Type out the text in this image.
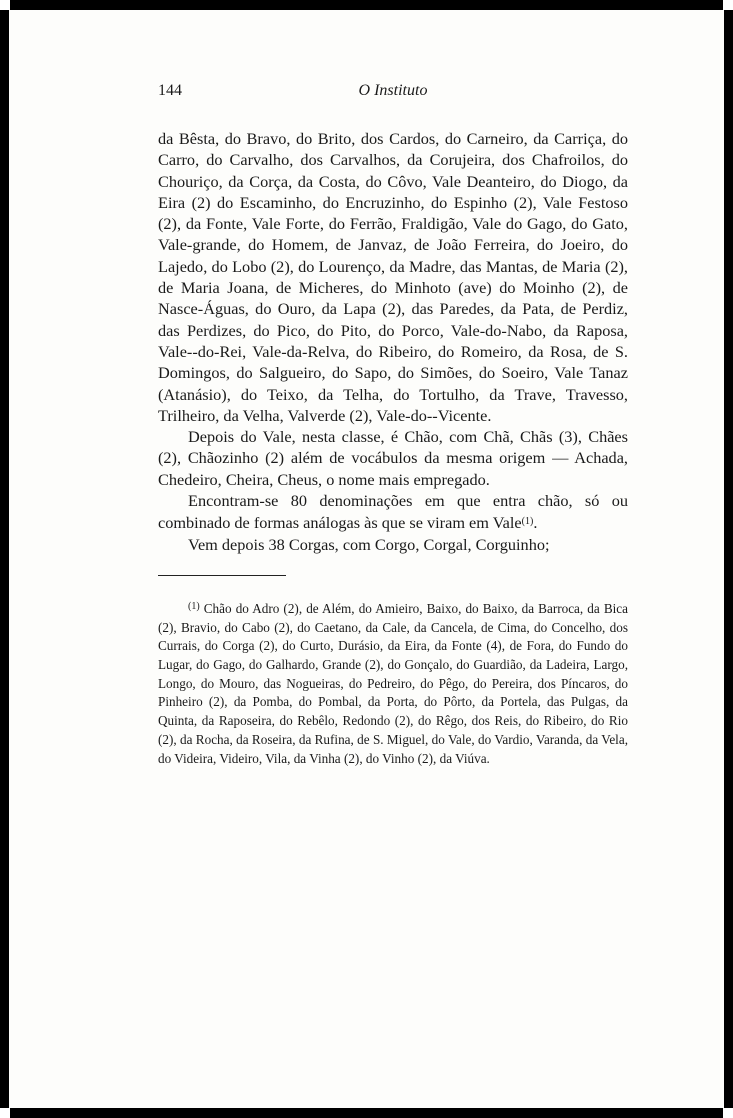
144	O Instituto

da Bêsta, do Bravo, do Brito, dos Cardos, do Carneiro, da Carriça, do Carro, do Carvalho, dos Carvalhos, da Corujeira, dos Chafroilos, do Chouriço, da Corça, da Costa, do Côvo, Vale Deanteiro, do Diogo, da Eira (2) do Escaminho, do Encruzinho, do Espinho (2), Vale Festoso (2), da Fonte, Vale Forte, do Ferrão, Fraldigão, Vale do Gago, do Gato, Vale-grande, do Homem, de Janvaz, de João Ferreira, do Joeiro, do Lajedo, do Lobo (2), do Lourenço, da Madre, das Mantas, de Maria (2), de Maria Joana, de Micheres, do Minhoto (ave) do Moinho (2), de Nasce-Águas, do Ouro, da Lapa (2), das Paredes, da Pata, de Perdiz, das Perdizes, do Pico, do Pito, do Porco, Vale-do-Nabo, da Raposa, Vale--do-Rei, Vale-da-Relva, do Ribeiro, do Romeiro, da Rosa, de S. Domingos, do Salgueiro, do Sapo, do Simões, do Soeiro, Vale Tanaz (Atanásio), do Teixo, da Telha, do Tortulho, da Trave, Travesso, Trilheiro, da Velha, Valverde (2), Vale-do--Vicente.

Depois do Vale, nesta classe, é Chão, com Chã, Chãs (3), Chães (2), Chãozinho (2) além de vocábulos da mesma origem — Achada, Chedeiro, Cheira, Cheus, o nome mais empregado.

Encontram-se 80 denominações em que entra chão, só ou combinado de formas análogas às que se viram em Vale$^{(1)}$.

Vem depois 38 Corgas, com Corgo, Corgal, Corguinho;

$^{(1)}$ Chão do Adro (2), de Além, do Amieiro, Baixo, do Baixo, da Barroca, da Bica (2), Bravio, do Cabo (2), do Caetano, da Cale, da Cancela, de Cima, do Concelho, dos Currais, do Corga (2), do Curto, Durásio, da Eira, da Fonte (4), de Fora, do Fundo do Lugar, do Gago, do Galhardo, Grande (2), do Gonçalo, do Guardião, da Ladeira, Largo, Longo, do Mouro, das Nogueiras, do Pedreiro, do Pêgo, do Pereira, dos Píncaros, do Pinheiro (2), da Pomba, do Pombal, da Porta, do Pôrto, da Portela, das Pulgas, da Quinta, da Raposeira, do Rebêlo, Redondo (2), do Rêgo, dos Reis, do Ribeiro, do Rio (2), da Rocha, da Roseira, da Rufina, de S. Miguel, do Vale, do Vardio, Varanda, da Vela, do Videira, Videiro, Vila, da Vinha (2), do Vinho (2), da Viúva.
